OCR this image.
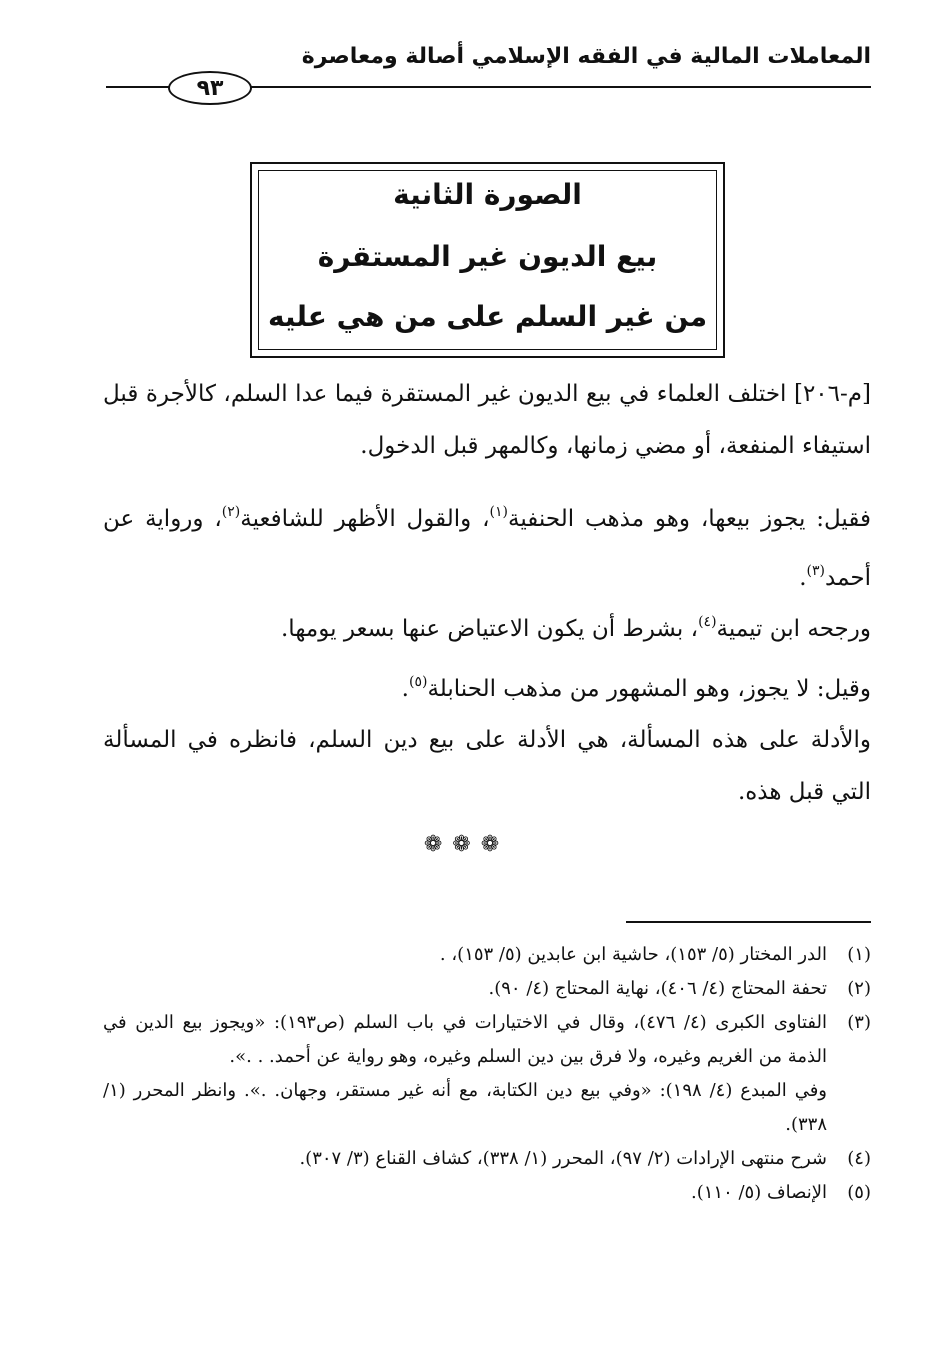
المعاملات المالية في الفقه الإسلامي أصالة ومعاصرة
٩٣
الصورة الثانية
بيع الديون غير المستقرة
من غير السلم على من هي عليه
[م-٢٠٦] اختلف العلماء في بيع الديون غير المستقرة فيما عدا السلم، كالأجرة قبل استيفاء المنفعة، أو مضي زمانها، وكالمهر قبل الدخول.
فقيل: يجوز بيعها، وهو مذهب الحنفية$^{(١)}$، والقول الأظهر للشافعية$^{(٢)}$، ورواية عن أحمد$^{(٣)}$.
ورجحه ابن تيمية$^{(٤)}$، بشرط أن يكون الاعتياض عنها بسعر يومها.
وقيل: لا يجوز، وهو المشهور من مذهب الحنابلة$^{(٥)}$.
والأدلة على هذه المسألة، هي الأدلة على بيع دين السلم، فانظره في المسألة التي قبل هذه.
❁❁❁
(١)
الدر المختار (٥/ ١٥٣)، حاشية ابن عابدين (٥/ ١٥٣)، .
(٢)
تحفة المحتاج (٤/ ٤٠٦)، نهاية المحتاج (٤/ ٩٠).
(٣)
الفتاوى الكبرى (٤/ ٤٧٦)، وقال في الاختيارات في باب السلم (ص١٩٣): «ويجوز بيع الدين في الذمة من الغريم وغيره، ولا فرق بين دين السلم وغيره، وهو رواية عن أحمد. . .».
وفي المبدع (٤/ ١٩٨): «وفي بيع دين الكتابة، مع أنه غير مستقر، وجهان. .». وانظر المحرر (١/ ٣٣٨).
(٤)
شرح منتهى الإرادات (٢/ ٩٧)، المحرر (١/ ٣٣٨)، كشاف القناع (٣/ ٣٠٧).
(٥)
الإنصاف (٥/ ١١٠).
